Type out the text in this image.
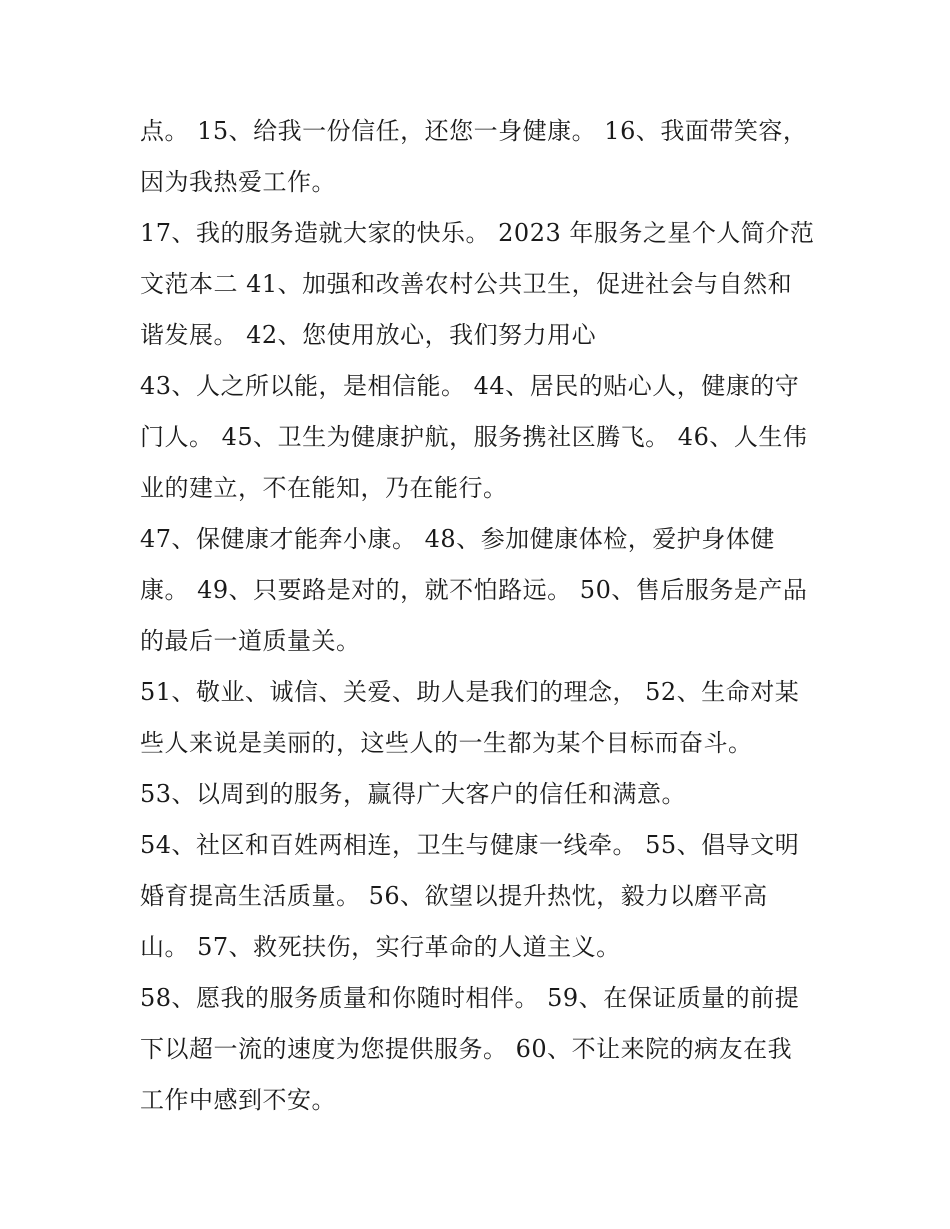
点。 15、给我一份信任，还您一身健康。 16、我面带笑容，
因为我热爱工作。
17、我的服务造就大家的快乐。 2023 年服务之星个人简介范
文范本二 41、加强和改善农村公共卫生，促进社会与自然和
谐发展。 42、您使用放心，我们努力用心
43、人之所以能，是相信能。 44、居民的贴心人，健康的守
门人。 45、卫生为健康护航，服务携社区腾飞。 46、人生伟
业的建立，不在能知，乃在能行。
47、保健康才能奔小康。 48、参加健康体检，爱护身体健
康。 49、只要路是对的，就不怕路远。 50、售后服务是产品
的最后一道质量关。
51、敬业、诚信、关爱、助人是我们的理念， 52、生命对某
些人来说是美丽的，这些人的一生都为某个目标而奋斗。
53、以周到的服务，赢得广大客户的信任和满意。
54、社区和百姓两相连，卫生与健康一线牵。 55、倡导文明
婚育提高生活质量。 56、欲望以提升热忱，毅力以磨平高
山。 57、救死扶伤，实行革命的人道主义。
58、愿我的服务质量和你随时相伴。 59、在保证质量的前提
下以超一流的速度为您提供服务。 60、不让来院的病友在我
工作中感到不安。
